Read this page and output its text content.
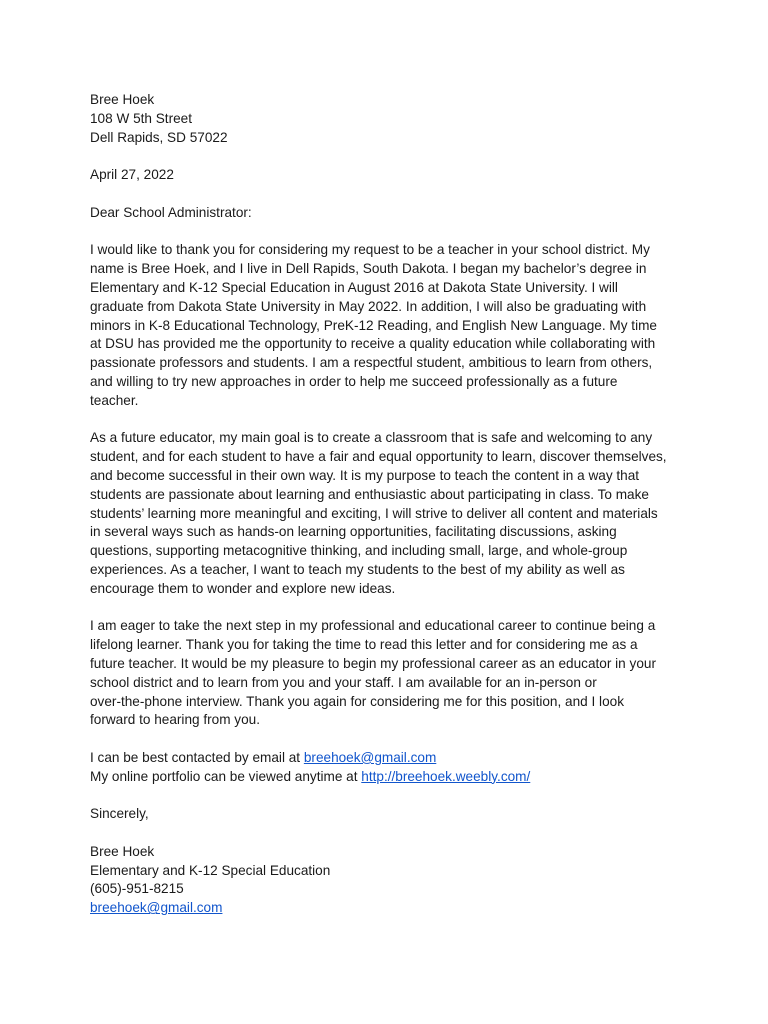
Bree Hoek
108 W 5th Street
Dell Rapids, SD 57022
April 27, 2022
Dear School Administrator:
I would like to thank you for considering my request to be a teacher in your school district. My
name is Bree Hoek, and I live in Dell Rapids, South Dakota. I began my bachelor’s degree in
Elementary and K-12 Special Education in August 2016 at Dakota State University. I will
graduate from Dakota State University in May 2022. In addition, I will also be graduating with
minors in K-8 Educational Technology, PreK-12 Reading, and English New Language. My time
at DSU has provided me the opportunity to receive a quality education while collaborating with
passionate professors and students. I am a respectful student, ambitious to learn from others,
and willing to try new approaches in order to help me succeed professionally as a future
teacher.
As a future educator, my main goal is to create a classroom that is safe and welcoming to any
student, and for each student to have a fair and equal opportunity to learn, discover themselves,
and become successful in their own way. It is my purpose to teach the content in a way that
students are passionate about learning and enthusiastic about participating in class. To make
students’ learning more meaningful and exciting, I will strive to deliver all content and materials
in several ways such as hands-on learning opportunities, facilitating discussions, asking
questions, supporting metacognitive thinking, and including small, large, and whole-group
experiences. As a teacher, I want to teach my students to the best of my ability as well as
encourage them to wonder and explore new ideas.
I am eager to take the next step in my professional and educational career to continue being a
lifelong learner. Thank you for taking the time to read this letter and for considering me as a
future teacher. It would be my pleasure to begin my professional career as an educator in your
school district and to learn from you and your staff. I am available for an in-person or
over-the-phone interview. Thank you again for considering me for this position, and I look
forward to hearing from you.
I can be best contacted by email at breehoek@gmail.com
My online portfolio can be viewed anytime at http://breehoek.weebly.com/
Sincerely,
Bree Hoek
Elementary and K-12 Special Education
(605)-951-8215
breehoek@gmail.com
